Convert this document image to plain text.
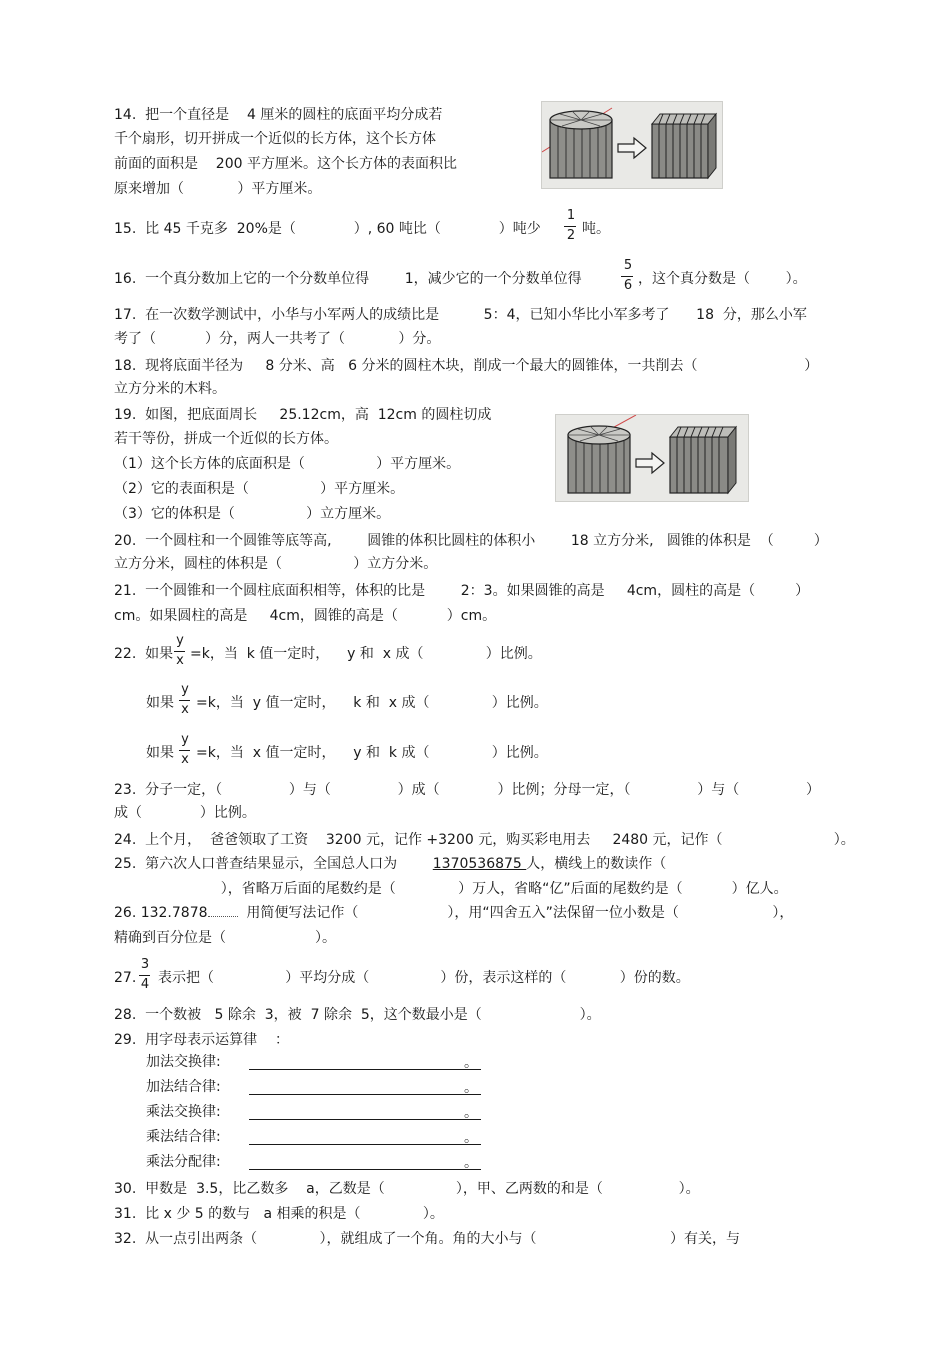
14.  把一个直径是    4 厘米的圆柱的底面平均分成若
千个扇形，切开拼成一个近似的长方体，这个长方体
前面的面积是    200 平方厘米。这个长方体的表面积比
原来增加（            ）平方厘米。
15.  比 45 千克多  20%是（             ）, 60 吨比（             ）吨少
1
2 吨。
16.  一个真分数加上它的一个分数单位得        1，减少它的一个分数单位得
5
6 ，这个真分数是（        ）。
17.  在一次数学测试中，小华与小军两人的成绩比是          5：4，已知小华比小军多考了      18  分，那么小军
考了（           ）分，两人一共考了（            ）分。
18.  现将底面半径为     8 分米、高   6 分米的圆柱木块，削成一个最大的圆锥体，一共削去（                        ）
立方分米的木料。
19.  如图，把底面周长     25.12cm，高  12cm 的圆柱切成
若干等份，拼成一个近似的长方体。
（1）这个长方体的底面积是（                ）平方厘米。
（2）它的表面积是（                ）平方厘米。
（3）它的体积是（                ）立方厘米。
20.  一个圆柱和一个圆锥等底等高,        圆锥的体积比圆柱的体积小        18 立方分米,   圆锥的体积是  （         ）
立方分米，圆柱的体积是（                ）立方分米。
21.  一个圆锥和一个圆柱底面积相等，体积的比是        2：3。如果圆锥的高是     4cm，圆柱的高是（         ）
cm。如果圆柱的高是     4cm，圆锥的高是（           ）cm。
22.  如果
y
x =k，当  k 值一定时，    y 和  x 成（              ）比例。
如果
y
x =k，当  y 值一定时，    k 和  x 成（              ）比例。
如果
y
x =k，当  x 值一定时，    y 和  k 成（              ）比例。
23.  分子一定，（               ）与（               ）成（             ）比例；分母一定，（               ）与（               ）
成（             ）比例。
24.  上个月，  爸爸领取了工资    3200 元，记作 +3200 元，购买彩电用去     2480 元，记作（                         ）。
25.  第六次人口普查结果显示，全国总人口为        1370536875 人，横线上的数读作（
），省略万后面的尾数约是（              ）万人，省略“亿”后面的尾数约是（           ）亿人。
26. 132.7878  用简便写法记作（                    ），用“四舍五入”法保留一位小数是（                     ），
精确到百分位是（                    ）。
27.
3
4 表示把（                ）平均分成（                ）份，表示这样的（            ）份的数。
28.  一个数被   5 除余  3，被  7 除余  5，这个数最小是（                      ）。
29.  用字母表示运算律    ：
加法交换律:	。
加法结合律:	。
乘法交换律:	。
乘法结合律:	。
乘法分配律:	。
30.  甲数是  3.5，比乙数多    a，乙数是（                ），甲、乙两数的和是（                 ）。
31.  比 x 少 5 的数与   a 相乘的积是（              ）。
32.  从一点引出两条（              ），就组成了一个角。角的大小与（                              ）有关，与
